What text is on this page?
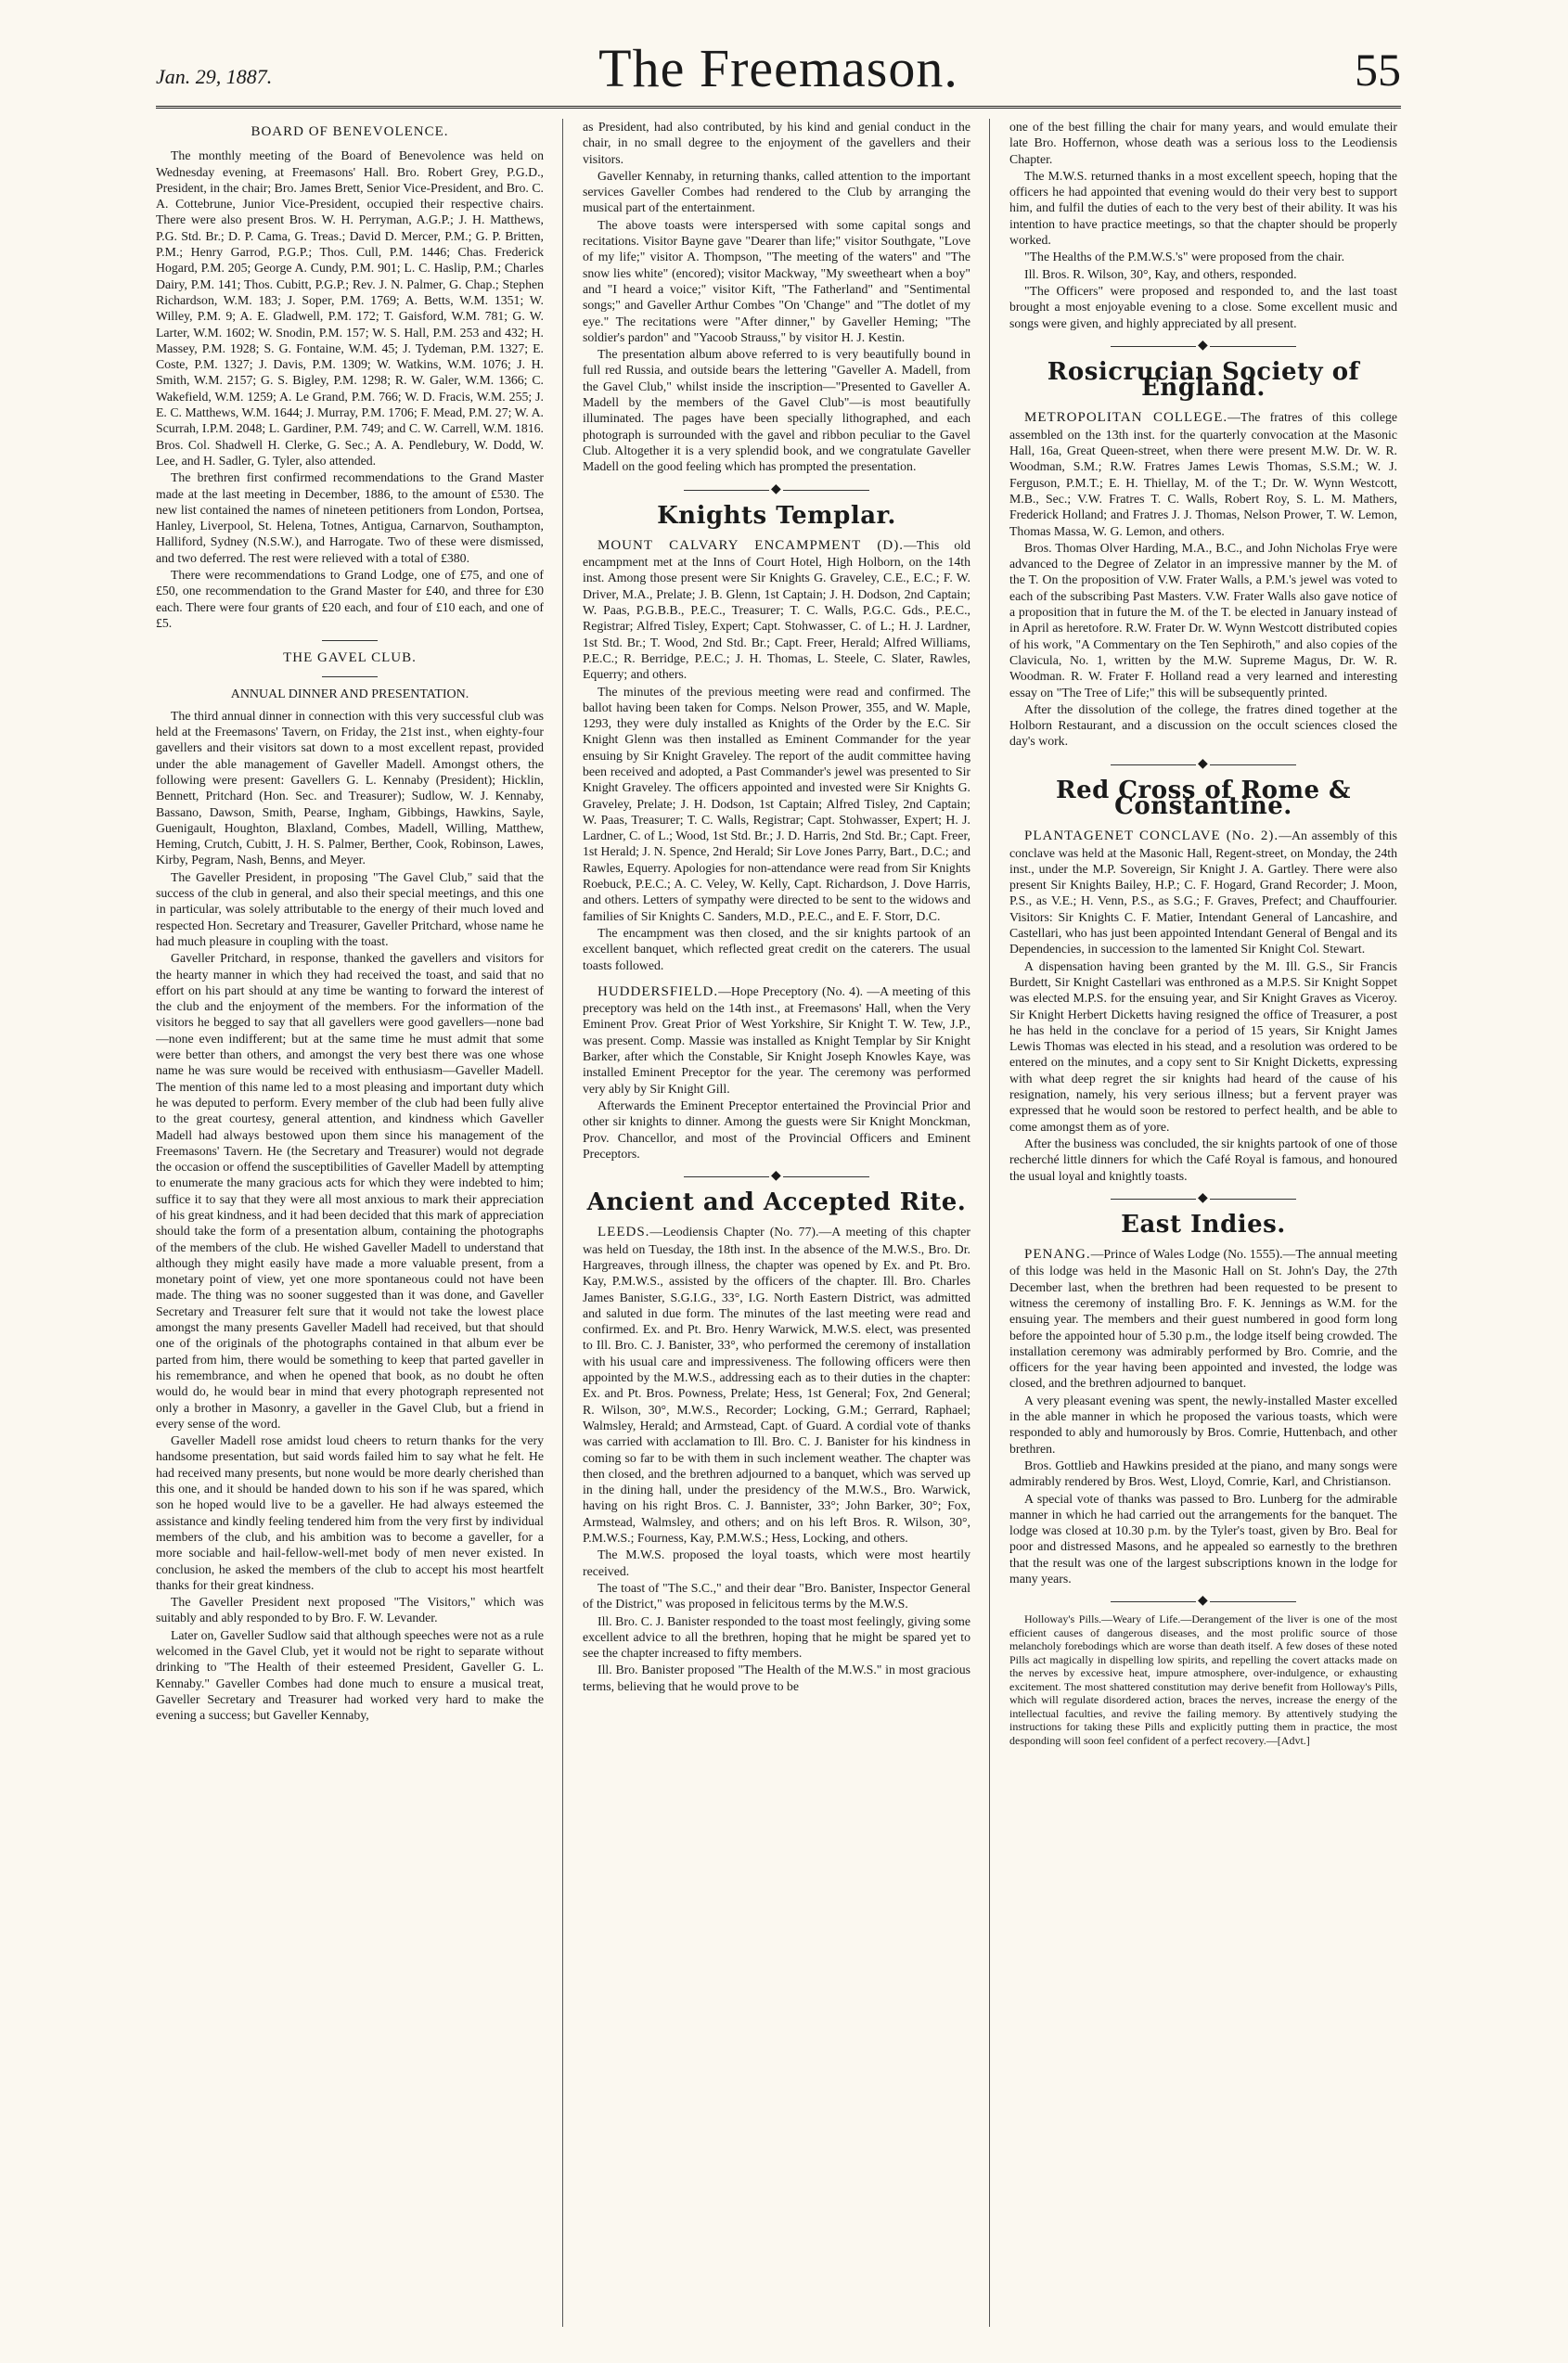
Jan. 29, 1887.	The Freemason.	55

BOARD OF BENEVOLENCE.

The monthly meeting of the Board of Benevolence was held on Wednesday evening, at Freemasons' Hall. Bro. Robert Grey, P.G.D., President, in the chair; Bro. James Brett, Senior Vice-President, and Bro. C. A. Cottebrune, Junior Vice-President, occupied their respective chairs. There were also present Bros. W. H. Perryman, A.G.P.; J. H. Matthews, P.G. Std. Br.; D. P. Cama, G. Treas.; David D. Mercer, P.M.; G. P. Britten, P.M.; Henry Garrod, P.G.P.; Thos. Cull, P.M. 1446; Chas. Frederick Hogard, P.M. 205; George A. Cundy, P.M. 901; L. C. Haslip, P.M.; Charles Dairy, P.M. 141; Thos. Cubitt, P.G.P.; Rev. J. N. Palmer, G. Chap.; Stephen Richardson, W.M. 183; J. Soper, P.M. 1769; A. Betts, W.M. 1351; W. Willey, P.M. 9; A. E. Gladwell, P.M. 172; T. Gaisford, W.M. 781; G. W. Larter, W.M. 1602; W. Snodin, P.M. 157; W. S. Hall, P.M. 253 and 432; H. Massey, P.M. 1928; S. G. Fontaine, W.M. 45; J. Tydeman, P.M. 1327; E. Coste, P.M. 1327; J. Davis, P.M. 1309; W. Watkins, W.M. 1076; J. H. Smith, W.M. 2157; G. S. Bigley, P.M. 1298; R. W. Galer, W.M. 1366; C. Wakefield, W.M. 1259; A. Le Grand, P.M. 766; W. D. Fracis, W.M. 255; J. E. C. Matthews, W.M. 1644; J. Murray, P.M. 1706; F. Mead, P.M. 27; W. A. Scurrah, I.P.M. 2048; L. Gardiner, P.M. 749; and C. W. Carrell, W.M. 1816. Bros. Col. Shadwell H. Clerke, G. Sec.; A. A. Pendlebury, W. Dodd, W. Lee, and H. Sadler, G. Tyler, also attended.

The brethren first confirmed recommendations to the Grand Master made at the last meeting in December, 1886, to the amount of £530. The new list contained the names of nineteen petitioners from London, Portsea, Hanley, Liverpool, St. Helena, Totnes, Antigua, Carnarvon, Southampton, Halliford, Sydney (N.S.W.), and Harrogate. Two of these were dismissed, and two deferred. The rest were relieved with a total of £380.

There were recommendations to Grand Lodge, one of £75, and one of £50, one recommendation to the Grand Master for £40, and three for £30 each. There were four grants of £20 each, and four of £10 each, and one of £5.

THE GAVEL CLUB.

ANNUAL DINNER AND PRESENTATION.

The third annual dinner in connection with this very successful club was held at the Freemasons' Tavern, on Friday, the 21st inst., when eighty-four gavellers and their visitors sat down to a most excellent repast, provided under the able management of Gaveller Madell. Amongst others, the following were present: Gavellers G. L. Kennaby (President); Hicklin, Bennett, Pritchard (Hon. Sec. and Treasurer); Sudlow, W. J. Kennaby, Bassano, Dawson, Smith, Pearse, Ingham, Gibbings, Hawkins, Sayle, Guenigault, Houghton, Blaxland, Combes, Madell, Willing, Matthew, Heming, Crutch, Cubitt, J. H. S. Palmer, Berther, Cook, Robinson, Lawes, Kirby, Pegram, Nash, Benns, and Meyer.

The Gaveller President, in proposing "The Gavel Club," said that the success of the club in general, and also their special meetings, and this one in particular, was solely attributable to the energy of their much loved and respected Hon. Secretary and Treasurer, Gaveller Pritchard, whose name he had much pleasure in coupling with the toast.

Gaveller Pritchard, in response, thanked the gavellers and visitors for the hearty manner in which they had received the toast, and said that no effort on his part should at any time be wanting to forward the interest of the club and the enjoyment of the members. For the information of the visitors he begged to say that all gavellers were good gavellers—none bad—none even indifferent; but at the same time he must admit that some were better than others, and amongst the very best there was one whose name he was sure would be received with enthusiasm—Gaveller Madell. The mention of this name led to a most pleasing and important duty which he was deputed to perform. Every member of the club had been fully alive to the great courtesy, general attention, and kindness which Gaveller Madell had always bestowed upon them since his management of the Freemasons' Tavern. He (the Secretary and Treasurer) would not degrade the occasion or offend the susceptibilities of Gaveller Madell by attempting to enumerate the many gracious acts for which they were indebted to him; suffice it to say that they were all most anxious to mark their appreciation of his great kindness, and it had been decided that this mark of appreciation should take the form of a presentation album, containing the photographs of the members of the club. He wished Gaveller Madell to understand that although they might easily have made a more valuable present, from a monetary point of view, yet one more spontaneous could not have been made. The thing was no sooner suggested than it was done, and Gaveller Secretary and Treasurer felt sure that it would not take the lowest place amongst the many presents Gaveller Madell had received, but that should one of the originals of the photographs contained in that album ever be parted from him, there would be something to keep that parted gaveller in his remembrance, and when he opened that book, as no doubt he often would do, he would bear in mind that every photograph represented not only a brother in Masonry, a gaveller in the Gavel Club, but a friend in every sense of the word.

Gaveller Madell rose amidst loud cheers to return thanks for the very handsome presentation, but said words failed him to say what he felt. He had received many presents, but none would be more dearly cherished than this one, and it should be handed down to his son if he was spared, which son he hoped would live to be a gaveller. He had always esteemed the assistance and kindly feeling tendered him from the very first by individual members of the club, and his ambition was to become a gaveller, for a more sociable and hail-fellow-well-met body of men never existed. In conclusion, he asked the members of the club to accept his most heartfelt thanks for their great kindness.

The Gaveller President next proposed "The Visitors," which was suitably and ably responded to by Bro. F. W. Levander.

Later on, Gaveller Sudlow said that although speeches were not as a rule welcomed in the Gavel Club, yet it would not be right to separate without drinking to "The Health of their esteemed President, Gaveller G. L. Kennaby." Gaveller Combes had done much to ensure a musical treat, Gaveller Secretary and Treasurer had worked very hard to make the evening a success; but Gaveller Kennaby,

as President, had also contributed, by his kind and genial conduct in the chair, in no small degree to the enjoyment of the gavellers and their visitors.

Gaveller Kennaby, in returning thanks, called attention to the important services Gaveller Combes had rendered to the Club by arranging the musical part of the entertainment.

The above toasts were interspersed with some capital songs and recitations. Visitor Bayne gave "Dearer than life;" visitor Southgate, "Love of my life;" visitor A. Thompson, "The meeting of the waters" and "The snow lies white" (encored); visitor Mackway, "My sweetheart when a boy" and "I heard a voice;" visitor Kift, "The Fatherland" and "Sentimental songs;" and Gaveller Arthur Combes "On 'Change" and "The dotlet of my eye." The recitations were "After dinner," by Gaveller Heming; "The soldier's pardon" and "Yacoob Strauss," by visitor H. J. Kestin.

The presentation album above referred to is very beautifully bound in full red Russia, and outside bears the lettering "Gaveller A. Madell, from the Gavel Club," whilst inside the inscription—"Presented to Gaveller A. Madell by the members of the Gavel Club"—is most beautifully illuminated. The pages have been specially lithographed, and each photograph is surrounded with the gavel and ribbon peculiar to the Gavel Club. Altogether it is a very splendid book, and we congratulate Gaveller Madell on the good feeling which has prompted the presentation.

◆

Knights Templar.

MOUNT CALVARY ENCAMPMENT (D).—This old encampment met at the Inns of Court Hotel, High Holborn, on the 14th inst. Among those present were Sir Knights G. Graveley, C.E., E.C.; F. W. Driver, M.A., Prelate; J. B. Glenn, 1st Captain; J. H. Dodson, 2nd Captain; W. Paas, P.G.B.B., P.E.C., Treasurer; T. C. Walls, P.G.C. Gds., P.E.C., Registrar; Alfred Tisley, Expert; Capt. Stohwasser, C. of L.; H. J. Lardner, 1st Std. Br.; T. Wood, 2nd Std. Br.; Capt. Freer, Herald; Alfred Williams, P.E.C.; R. Berridge, P.E.C.; J. H. Thomas, L. Steele, C. Slater, Rawles, Equerry; and others.

The minutes of the previous meeting were read and confirmed. The ballot having been taken for Comps. Nelson Prower, 355, and W. Maple, 1293, they were duly installed as Knights of the Order by the E.C. Sir Knight Glenn was then installed as Eminent Commander for the year ensuing by Sir Knight Graveley. The report of the audit committee having been received and adopted, a Past Commander's jewel was presented to Sir Knight Graveley. The officers appointed and invested were Sir Knights G. Graveley, Prelate; J. H. Dodson, 1st Captain; Alfred Tisley, 2nd Captain; W. Paas, Treasurer; T. C. Walls, Registrar; Capt. Stohwasser, Expert; H. J. Lardner, C. of L.; Wood, 1st Std. Br.; J. D. Harris, 2nd Std. Br.; Capt. Freer, 1st Herald; J. N. Spence, 2nd Herald; Sir Love Jones Parry, Bart., D.C.; and Rawles, Equerry. Apologies for non-attendance were read from Sir Knights Roebuck, P.E.C.; A. C. Veley, W. Kelly, Capt. Richardson, J. Dove Harris, and others. Letters of sympathy were directed to be sent to the widows and families of Sir Knights C. Sanders, M.D., P.E.C., and E. F. Storr, D.C.

The encampment was then closed, and the sir knights partook of an excellent banquet, which reflected great credit on the caterers. The usual toasts followed.

HUDDERSFIELD.—Hope Preceptory (No. 4). —A meeting of this preceptory was held on the 14th inst., at Freemasons' Hall, when the Very Eminent Prov. Great Prior of West Yorkshire, Sir Knight T. W. Tew, J.P., was present. Comp. Massie was installed as Knight Templar by Sir Knight Barker, after which the Constable, Sir Knight Joseph Knowles Kaye, was installed Eminent Preceptor for the year. The ceremony was performed very ably by Sir Knight Gill.

Afterwards the Eminent Preceptor entertained the Provincial Prior and other sir knights to dinner. Among the guests were Sir Knight Monckman, Prov. Chancellor, and most of the Provincial Officers and Eminent Preceptors.

◆

Ancient and Accepted Rite.

LEEDS.—Leodiensis Chapter (No. 77).—A meeting of this chapter was held on Tuesday, the 18th inst. In the absence of the M.W.S., Bro. Dr. Hargreaves, through illness, the chapter was opened by Ex. and Pt. Bro. Kay, P.M.W.S., assisted by the officers of the chapter. Ill. Bro. Charles James Banister, S.G.I.G., 33°, I.G. North Eastern District, was admitted and saluted in due form. The minutes of the last meeting were read and confirmed. Ex. and Pt. Bro. Henry Warwick, M.W.S. elect, was presented to Ill. Bro. C. J. Banister, 33°, who performed the ceremony of installation with his usual care and impressiveness. The following officers were then appointed by the M.W.S., addressing each as to their duties in the chapter: Ex. and Pt. Bros. Powness, Prelate; Hess, 1st General; Fox, 2nd General; R. Wilson, 30°, M.W.S., Recorder; Locking, G.M.; Gerrard, Raphael; Walmsley, Herald; and Armstead, Capt. of Guard. A cordial vote of thanks was carried with acclamation to Ill. Bro. C. J. Banister for his kindness in coming so far to be with them in such inclement weather. The chapter was then closed, and the brethren adjourned to a banquet, which was served up in the dining hall, under the presidency of the M.W.S., Bro. Warwick, having on his right Bros. C. J. Bannister, 33°; John Barker, 30°; Fox, Armstead, Walmsley, and others; and on his left Bros. R. Wilson, 30°, P.M.W.S.; Fourness, Kay, P.M.W.S.; Hess, Locking, and others.

The M.W.S. proposed the loyal toasts, which were most heartily received.

The toast of "The S.C.," and their dear "Bro. Banister, Inspector General of the District," was proposed in felicitous terms by the M.W.S.

Ill. Bro. C. J. Banister responded to the toast most feelingly, giving some excellent advice to all the brethren, hoping that he might be spared yet to see the chapter increased to fifty members.

Ill. Bro. Banister proposed "The Health of the M.W.S." in most gracious terms, believing that he would prove to be

one of the best filling the chair for many years, and would emulate their late Bro. Hoffernon, whose death was a serious loss to the Leodiensis Chapter.

The M.W.S. returned thanks in a most excellent speech, hoping that the officers he had appointed that evening would do their very best to support him, and fulfil the duties of each to the very best of their ability. It was his intention to have practice meetings, so that the chapter should be properly worked.

"The Healths of the P.M.W.S.'s" were proposed from the chair.

Ill. Bros. R. Wilson, 30°, Kay, and others, responded.

"The Officers" were proposed and responded to, and the last toast brought a most enjoyable evening to a close. Some excellent music and songs were given, and highly appreciated by all present.

◆

Rosicrucian Society of England.

METROPOLITAN COLLEGE.—The fratres of this college assembled on the 13th inst. for the quarterly convocation at the Masonic Hall, 16a, Great Queen-street, when there were present M.W. Dr. W. R. Woodman, S.M.; R.W. Fratres James Lewis Thomas, S.S.M.; W. J. Ferguson, P.M.T.; E. H. Thiellay, M. of the T.; Dr. W. Wynn Westcott, M.B., Sec.; V.W. Fratres T. C. Walls, Robert Roy, S. L. M. Mathers, Frederick Holland; and Fratres J. J. Thomas, Nelson Prower, T. W. Lemon, Thomas Massa, W. G. Lemon, and others.

Bros. Thomas Olver Harding, M.A., B.C., and John Nicholas Frye were advanced to the Degree of Zelator in an impressive manner by the M. of the T. On the proposition of V.W. Frater Walls, a P.M.'s jewel was voted to each of the subscribing Past Masters. V.W. Frater Walls also gave notice of a proposition that in future the M. of the T. be elected in January instead of in April as heretofore. R.W. Frater Dr. W. Wynn Westcott distributed copies of his work, "A Commentary on the Ten Sephiroth," and also copies of the Clavicula, No. 1, written by the M.W. Supreme Magus, Dr. W. R. Woodman. R. W. Frater F. Holland read a very learned and interesting essay on "The Tree of Life;" this will be subsequently printed.

After the dissolution of the college, the fratres dined together at the Holborn Restaurant, and a discussion on the occult sciences closed the day's work.

◆

Red Cross of Rome & Constantine.

PLANTAGENET CONCLAVE (No. 2).—An assembly of this conclave was held at the Masonic Hall, Regent-street, on Monday, the 24th inst., under the M.P. Sovereign, Sir Knight J. A. Gartley. There were also present Sir Knights Bailey, H.P.; C. F. Hogard, Grand Recorder; J. Moon, P.S., as V.E.; H. Venn, P.S., as S.G.; F. Graves, Prefect; and Chauffourier. Visitors: Sir Knights C. F. Matier, Intendant General of Lancashire, and Castellari, who has just been appointed Intendant General of Bengal and its Dependencies, in succession to the lamented Sir Knight Col. Stewart.

A dispensation having been granted by the M. Ill. G.S., Sir Francis Burdett, Sir Knight Castellari was enthroned as a M.P.S. Sir Knight Soppet was elected M.P.S. for the ensuing year, and Sir Knight Graves as Viceroy. Sir Knight Herbert Dicketts having resigned the office of Treasurer, a post he has held in the conclave for a period of 15 years, Sir Knight James Lewis Thomas was elected in his stead, and a resolution was ordered to be entered on the minutes, and a copy sent to Sir Knight Dicketts, expressing with what deep regret the sir knights had heard of the cause of his resignation, namely, his very serious illness; but a fervent prayer was expressed that he would soon be restored to perfect health, and be able to come amongst them as of yore.

After the business was concluded, the sir knights partook of one of those recherché little dinners for which the Café Royal is famous, and honoured the usual loyal and knightly toasts.

◆

East Indies.

PENANG.—Prince of Wales Lodge (No. 1555).—The annual meeting of this lodge was held in the Masonic Hall on St. John's Day, the 27th December last, when the brethren had been requested to be present to witness the ceremony of installing Bro. F. K. Jennings as W.M. for the ensuing year. The members and their guest numbered in good form long before the appointed hour of 5.30 p.m., the lodge itself being crowded. The installation ceremony was admirably performed by Bro. Comrie, and the officers for the year having been appointed and invested, the lodge was closed, and the brethren adjourned to banquet.

A very pleasant evening was spent, the newly-installed Master excelled in the able manner in which he proposed the various toasts, which were responded to ably and humorously by Bros. Comrie, Huttenbach, and other brethren.

Bros. Gottlieb and Hawkins presided at the piano, and many songs were admirably rendered by Bros. West, Lloyd, Comrie, Karl, and Christianson.

A special vote of thanks was passed to Bro. Lunberg for the admirable manner in which he had carried out the arrangements for the banquet. The lodge was closed at 10.30 p.m. by the Tyler's toast, given by Bro. Beal for poor and distressed Masons, and he appealed so earnestly to the brethren that the result was one of the largest subscriptions known in the lodge for many years.

◆

Holloway's Pills.—Weary of Life.—Derangement of the liver is one of the most efficient causes of dangerous diseases, and the most prolific source of those melancholy forebodings which are worse than death itself. A few doses of these noted Pills act magically in dispelling low spirits, and repelling the covert attacks made on the nerves by excessive heat, impure atmosphere, over-indulgence, or exhausting excitement. The most shattered constitution may derive benefit from Holloway's Pills, which will regulate disordered action, braces the nerves, increase the energy of the intellectual faculties, and revive the failing memory. By attentively studying the instructions for taking these Pills and explicitly putting them in practice, the most desponding will soon feel confident of a perfect recovery.—[Advt.]
